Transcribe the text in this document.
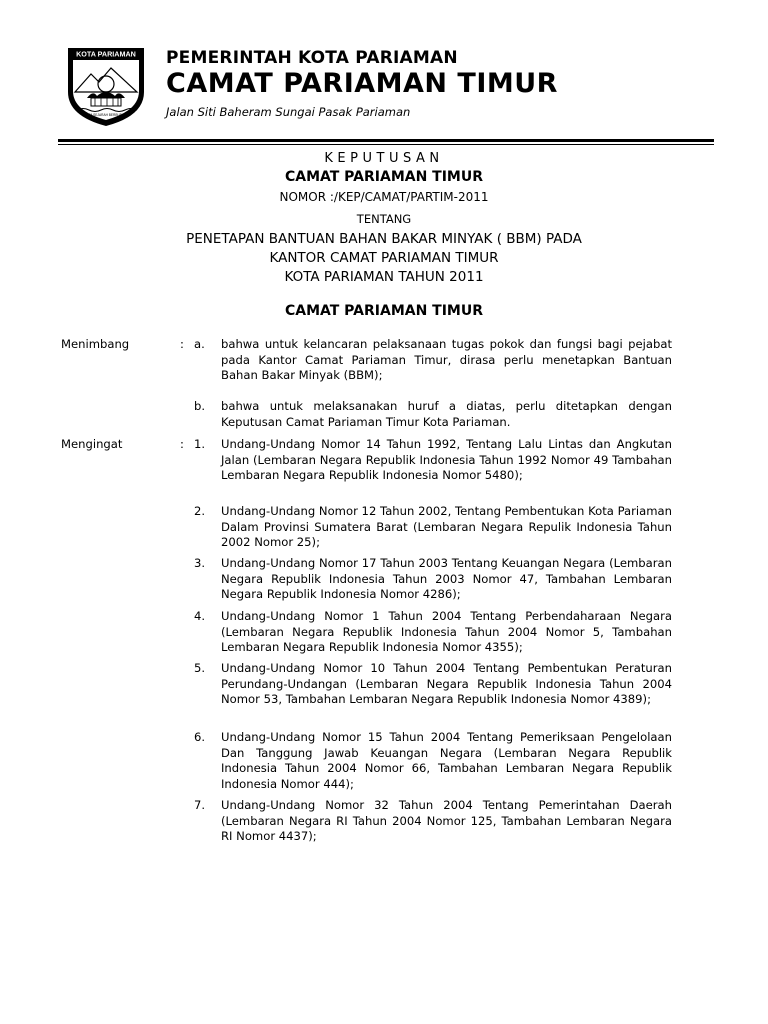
KOTA PARIAMAN
KOTA SEJARAH BERBUDAYA
PEMERINTAH KOTA PARIAMAN
CAMAT PARIAMAN TIMUR
Jalan Siti Baheram Sungai Pasak Pariaman
KEPUTUSAN
CAMAT PARIAMAN TIMUR
NOMOR :/KEP/CAMAT/PARTIM-2011
TENTANG
PENETAPAN BANTUAN BAHAN BAKAR MINYAK ( BBM) PADA
KANTOR CAMAT PARIAMAN TIMUR
KOTA PARIAMAN TAHUN 2011
CAMAT PARIAMAN TIMUR
Menimbang	: a.	bahwa untuk kelancaran pelaksanaan tugas pokok dan fungsi bagi pejabat pada Kantor Camat Pariaman Timur, dirasa perlu menetapkan Bantuan Bahan Bakar Minyak (BBM);
b.	bahwa untuk melaksanakan huruf a diatas, perlu ditetapkan dengan Keputusan Camat Pariaman Timur Kota Pariaman.
Mengingat	: 1.	Undang-Undang Nomor 14 Tahun 1992, Tentang Lalu Lintas dan Angkutan Jalan (Lembaran Negara Republik Indonesia Tahun 1992 Nomor 49 Tambahan Lembaran Negara Republik Indonesia Nomor 5480);
2.	Undang-Undang Nomor 12 Tahun 2002, Tentang Pembentukan Kota Pariaman Dalam Provinsi Sumatera Barat (Lembaran Negara Repulik Indonesia Tahun 2002 Nomor 25);
3.	Undang-Undang Nomor 17 Tahun 2003 Tentang Keuangan Negara (Lembaran Negara Republik Indonesia Tahun 2003 Nomor 47, Tambahan Lembaran Negara Republik Indonesia Nomor 4286);
4.	Undang-Undang Nomor 1 Tahun 2004 Tentang Perbendaharaan Negara (Lembaran Negara Republik Indonesia Tahun 2004 Nomor 5, Tambahan Lembaran Negara Republik Indonesia Nomor 4355);
5.	Undang-Undang Nomor 10 Tahun 2004 Tentang Pembentukan Peraturan Perundang-Undangan (Lembaran Negara Republik Indonesia Tahun 2004 Nomor 53, Tambahan Lembaran Negara Republik Indonesia Nomor 4389);
6.	Undang-Undang Nomor 15 Tahun 2004 Tentang Pemeriksaan Pengelolaan Dan Tanggung Jawab Keuangan Negara (Lembaran Negara Republik Indonesia Tahun 2004 Nomor 66, Tambahan Lembaran Negara Republik Indonesia Nomor 444);
7.	Undang-Undang Nomor 32 Tahun 2004 Tentang Pemerintahan Daerah (Lembaran Negara RI Tahun 2004 Nomor 125, Tambahan Lembaran Negara RI Nomor 4437);
